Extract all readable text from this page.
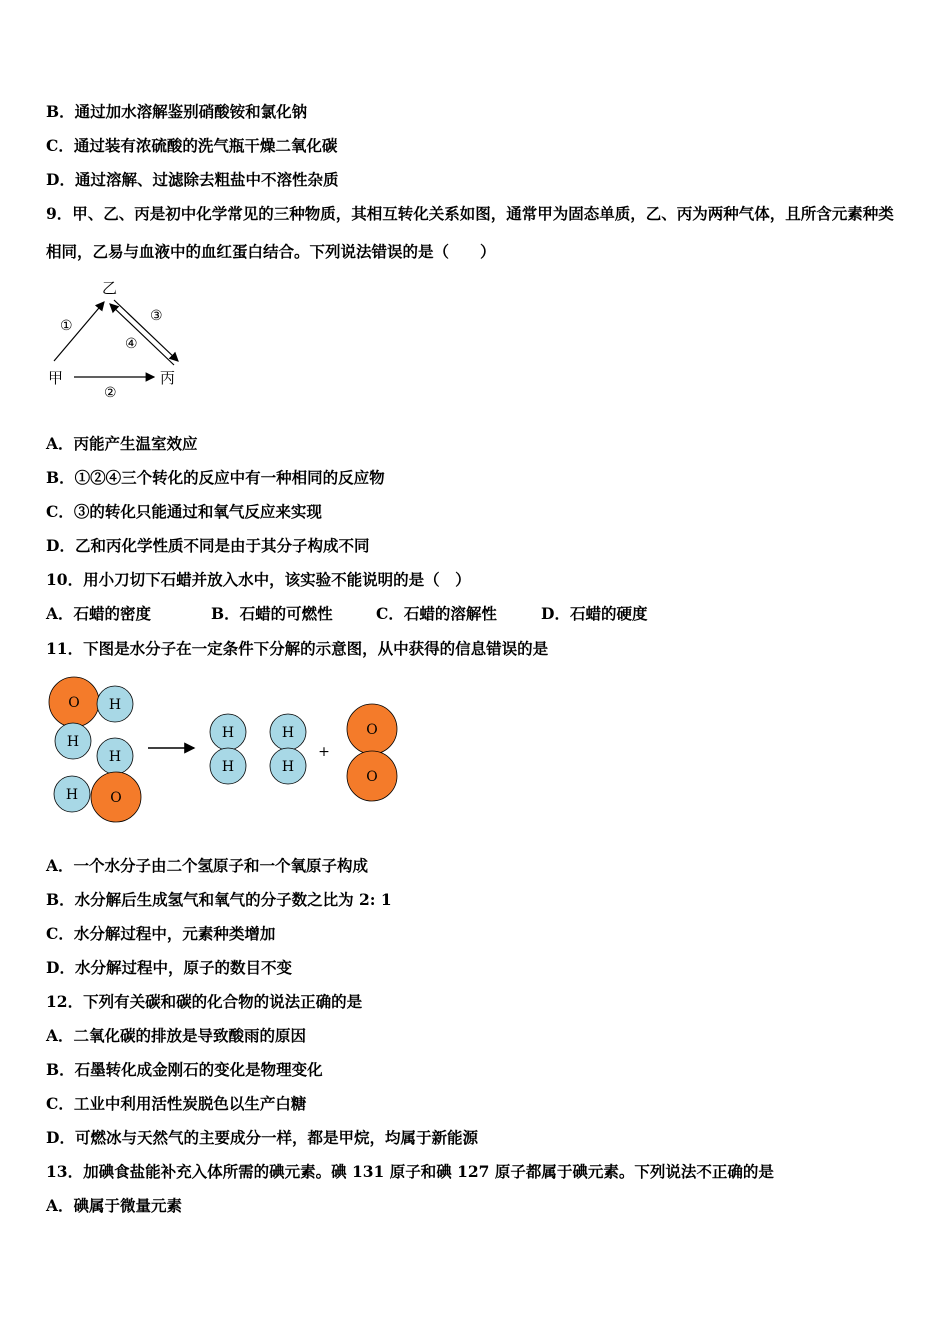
B．通过加水溶解鉴别硝酸铵和氯化钠
C．通过装有浓硫酸的洗气瓶干燥二氧化碳
D．通过溶解、过滤除去粗盐中不溶性杂质
9．甲、乙、丙是初中化学常见的三种物质，其相互转化关系如图，通常甲为固态单质，乙、丙为两种气体，且所含元素种类相同，乙易与血液中的血红蛋白结合。下列说法错误的是（　　）
甲
乙
丙
①
③
④
②
A．丙能产生温室效应
B．①②④三个转化的反应中有一种相同的反应物
C．③的转化只能通过和氧气反应来实现
D．乙和丙化学性质不同是由于其分子构成不同
10．用小刀切下石蜡并放入水中，该实验不能说明的是（　）
A．石蜡的密度	B．石蜡的可燃性	C．石蜡的溶解性	D．石蜡的硬度
11．下图是水分子在一定条件下分解的示意图，从中获得的信息错误的是
O H
H
H
H O
H
H
H
H
+
O
O
A．一个水分子由二个氢原子和一个氧原子构成
B．水分解后生成氢气和氧气的分子数之比为 2: 1
C．水分解过程中，元素种类增加
D．水分解过程中，原子的数目不变
12．下列有关碳和碳的化合物的说法正确的是
A．二氧化碳的排放是导致酸雨的原因
B．石墨转化成金刚石的变化是物理变化
C．工业中利用活性炭脱色以生产白糖
D．可燃冰与天然气的主要成分一样，都是甲烷，均属于新能源
13．加碘食盐能补充入体所需的碘元素。碘 131 原子和碘 127 原子都属于碘元素。下列说法不正确的是
A．碘属于微量元素
